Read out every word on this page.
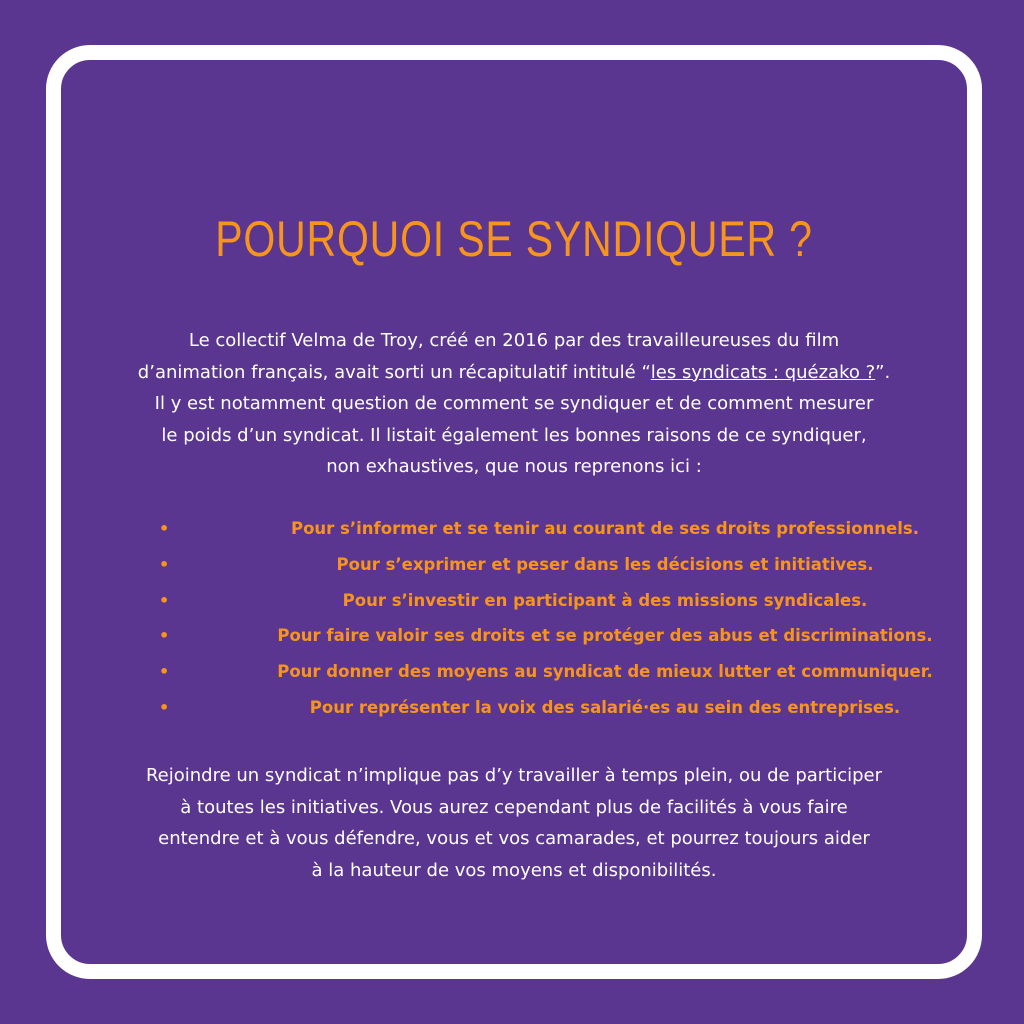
POURQUOI SE SYNDIQUER ?

Le collectif Velma de Troy, créé en 2016 par des travailleureuses du film
d’animation français, avait sorti un récapitulatif intitulé “les syndicats : quézako ?”.
Il y est notamment question de comment se syndiquer et de comment mesurer
le poids d’un syndicat. Il listait également les bonnes raisons de ce syndiquer,
non exhaustives, que nous reprenons ici :

•	Pour s’informer et se tenir au courant de ses droits professionnels.
•	Pour s’exprimer et peser dans les décisions et initiatives.
•	Pour s’investir en participant à des missions syndicales.
•	Pour faire valoir ses droits et se protéger des abus et discriminations.
•	Pour donner des moyens au syndicat de mieux lutter et communiquer.
•	Pour représenter la voix des salarié·es au sein des entreprises.

Rejoindre un syndicat n’implique pas d’y travailler à temps plein, ou de participer
à toutes les initiatives. Vous aurez cependant plus de facilités à vous faire
entendre et à vous défendre, vous et vos camarades, et pourrez toujours aider
à la hauteur de vos moyens et disponibilités.
